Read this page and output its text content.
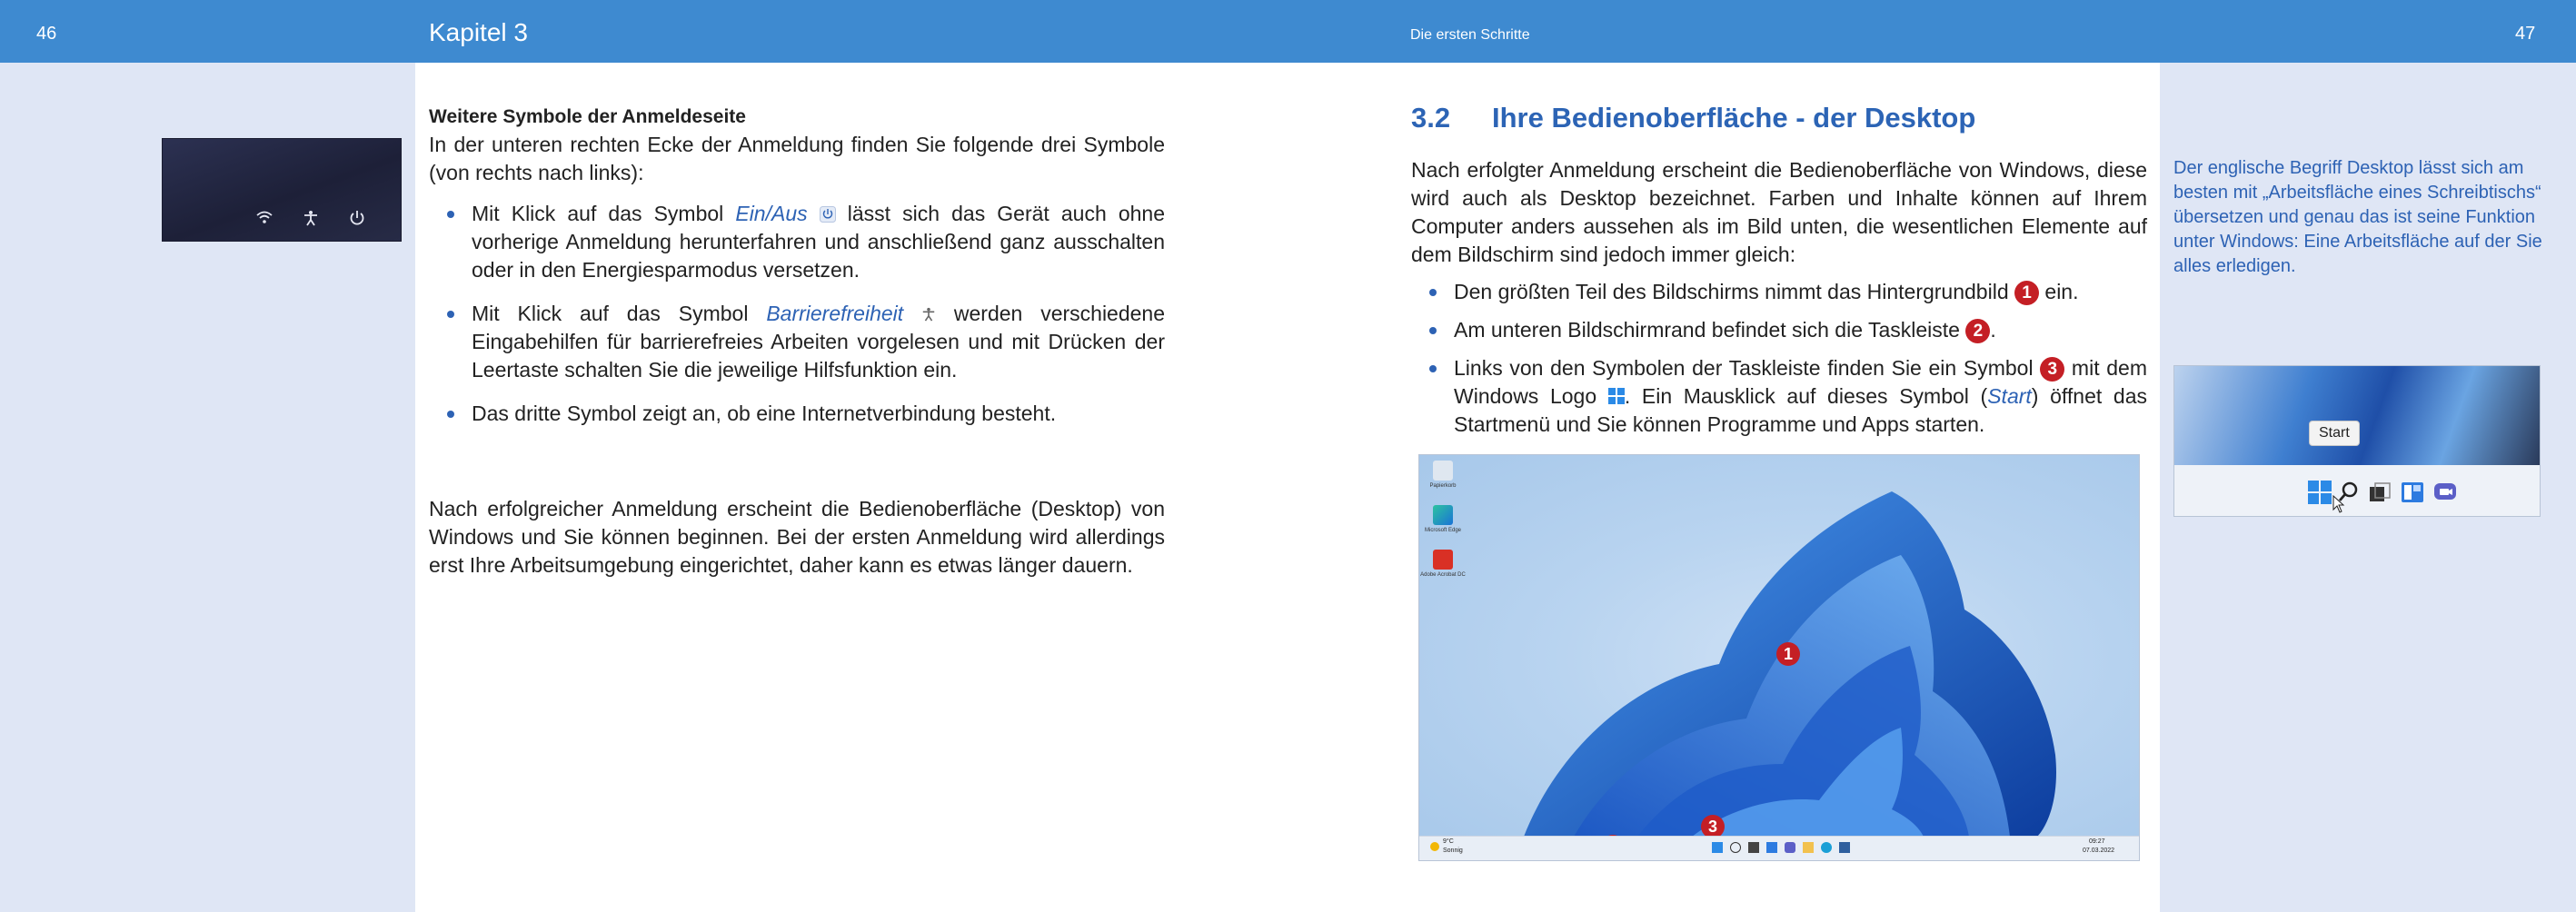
46	Kapitel 3	Die ersten Schritte	47
Weitere Symbole der Anmeldeseite
In der unteren rechten Ecke der Anmeldung finden Sie folgende drei Symbole (von rechts nach links):
Mit Klick auf das Symbol Ein/Aus  lässt sich das Gerät auch ohne vorherige Anmeldung herunterfahren und anschließend ganz ausschalten oder in den Energiesparmodus versetzen.
Mit Klick auf das Symbol Barrierefreiheit  werden verschiedene Eingabehilfen für barrierefreies Arbeiten vorgelesen und mit Drücken der Leertaste schalten Sie die jeweilige Hilfsfunktion ein.
Das dritte Symbol zeigt an, ob eine Internetverbindung besteht.
Nach erfolgreicher Anmeldung erscheint die Bedienoberfläche (Desktop) von Windows und Sie können beginnen. Bei der ersten Anmeldung wird allerdings erst Ihre Arbeitsumgebung eingerichtet, daher kann es etwas länger dauern.
3.2 Ihre Bedienoberfläche - der Desktop
Nach erfolgter Anmeldung erscheint die Bedienoberfläche von Windows, diese wird auch als Desktop bezeichnet. Farben und Inhalte können auf Ihrem Computer anders aussehen als im Bild unten, die wesentlichen Elemente auf dem Bildschirm sind jedoch immer gleich:
Den größten Teil des Bildschirms nimmt das Hintergrundbild 1 ein.
Am unteren Bildschirmrand befindet sich die Taskleiste 2 .
Links von den Symbolen der Taskleiste finden Sie ein Symbol 3 mit dem Windows Logo . Ein Mausklick auf dieses Symbol (Start) öffnet das Startmenü und Sie können Programme und Apps starten.
Papierkorb
Microsoft Edge
Adobe Acrobat DC
1
3
9°C
Sonnig
09:27
07.03.2022
Der englische Begriff Desktop lässt sich am besten mit „Arbeitsfläche eines Schreibtischs“ übersetzen und genau das ist seine Funktion unter Windows: Eine Arbeitsfläche auf der Sie alles erledigen.
Start
